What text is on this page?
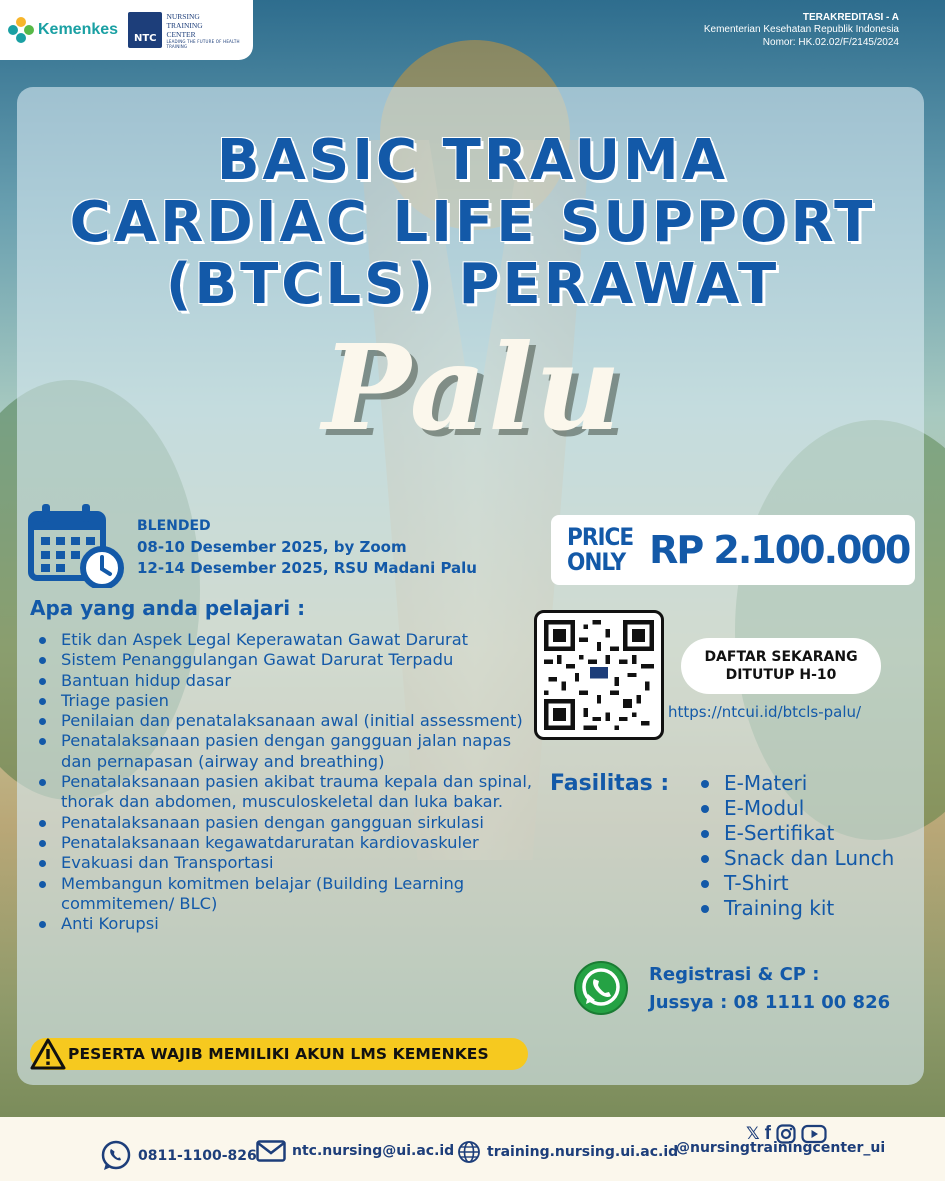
Kemenkes
NTC
NURSING
TRAINING
CENTER
LEADING THE FUTURE OF HEALTH TRAINING
TERAKREDITASI - A
Kementerian Kesehatan Republik Indonesia
Nomor: HK.02.02/F/2145/2024
BASIC TRAUMA
CARDIAC LIFE SUPPORT
(BTCLS) PERAWAT
Palu
BLENDED
08-10 Desember 2025, by Zoom
12-14 Desember 2025, RSU Madani Palu
PRICE
ONLY RP 2.100.000
Apa yang anda pelajari :
Etik dan Aspek Legal Keperawatan Gawat Darurat
Sistem Penanggulangan Gawat Darurat Terpadu
Bantuan hidup dasar
Triage pasien
Penilaian dan penatalaksanaan awal (initial assessment)
Penatalaksanaan pasien dengan gangguan jalan napas dan pernapasan (airway and breathing)
Penatalaksanaan pasien akibat trauma kepala dan spinal, thorak dan abdomen, musculoskeletal dan luka bakar.
Penatalaksanaan pasien dengan gangguan sirkulasi
Penatalaksanaan kegawatdaruratan kardiovaskuler
Evakuasi dan Transportasi
Membangun komitmen belajar (Building Learning commitemen/ BLC)
Anti Korupsi
DAFTAR SEKARANG
DITUTUP H-10
https://ntcui.id/btcls-palu/
Fasilitas :	E-Materi
E-Modul
E-Sertifikat
Snack dan Lunch
T-Shirt
Training kit
Registrasi & CP :
Jussya : 08 1111 00 826
PESERTA WAJIB MEMILIKI AKUN LMS KEMENKES
𝕏 f
0811-1100-826	ntc.nursing@ui.ac.id training.nursing.ui.ac.id
@nursingtrainingcenter_ui
